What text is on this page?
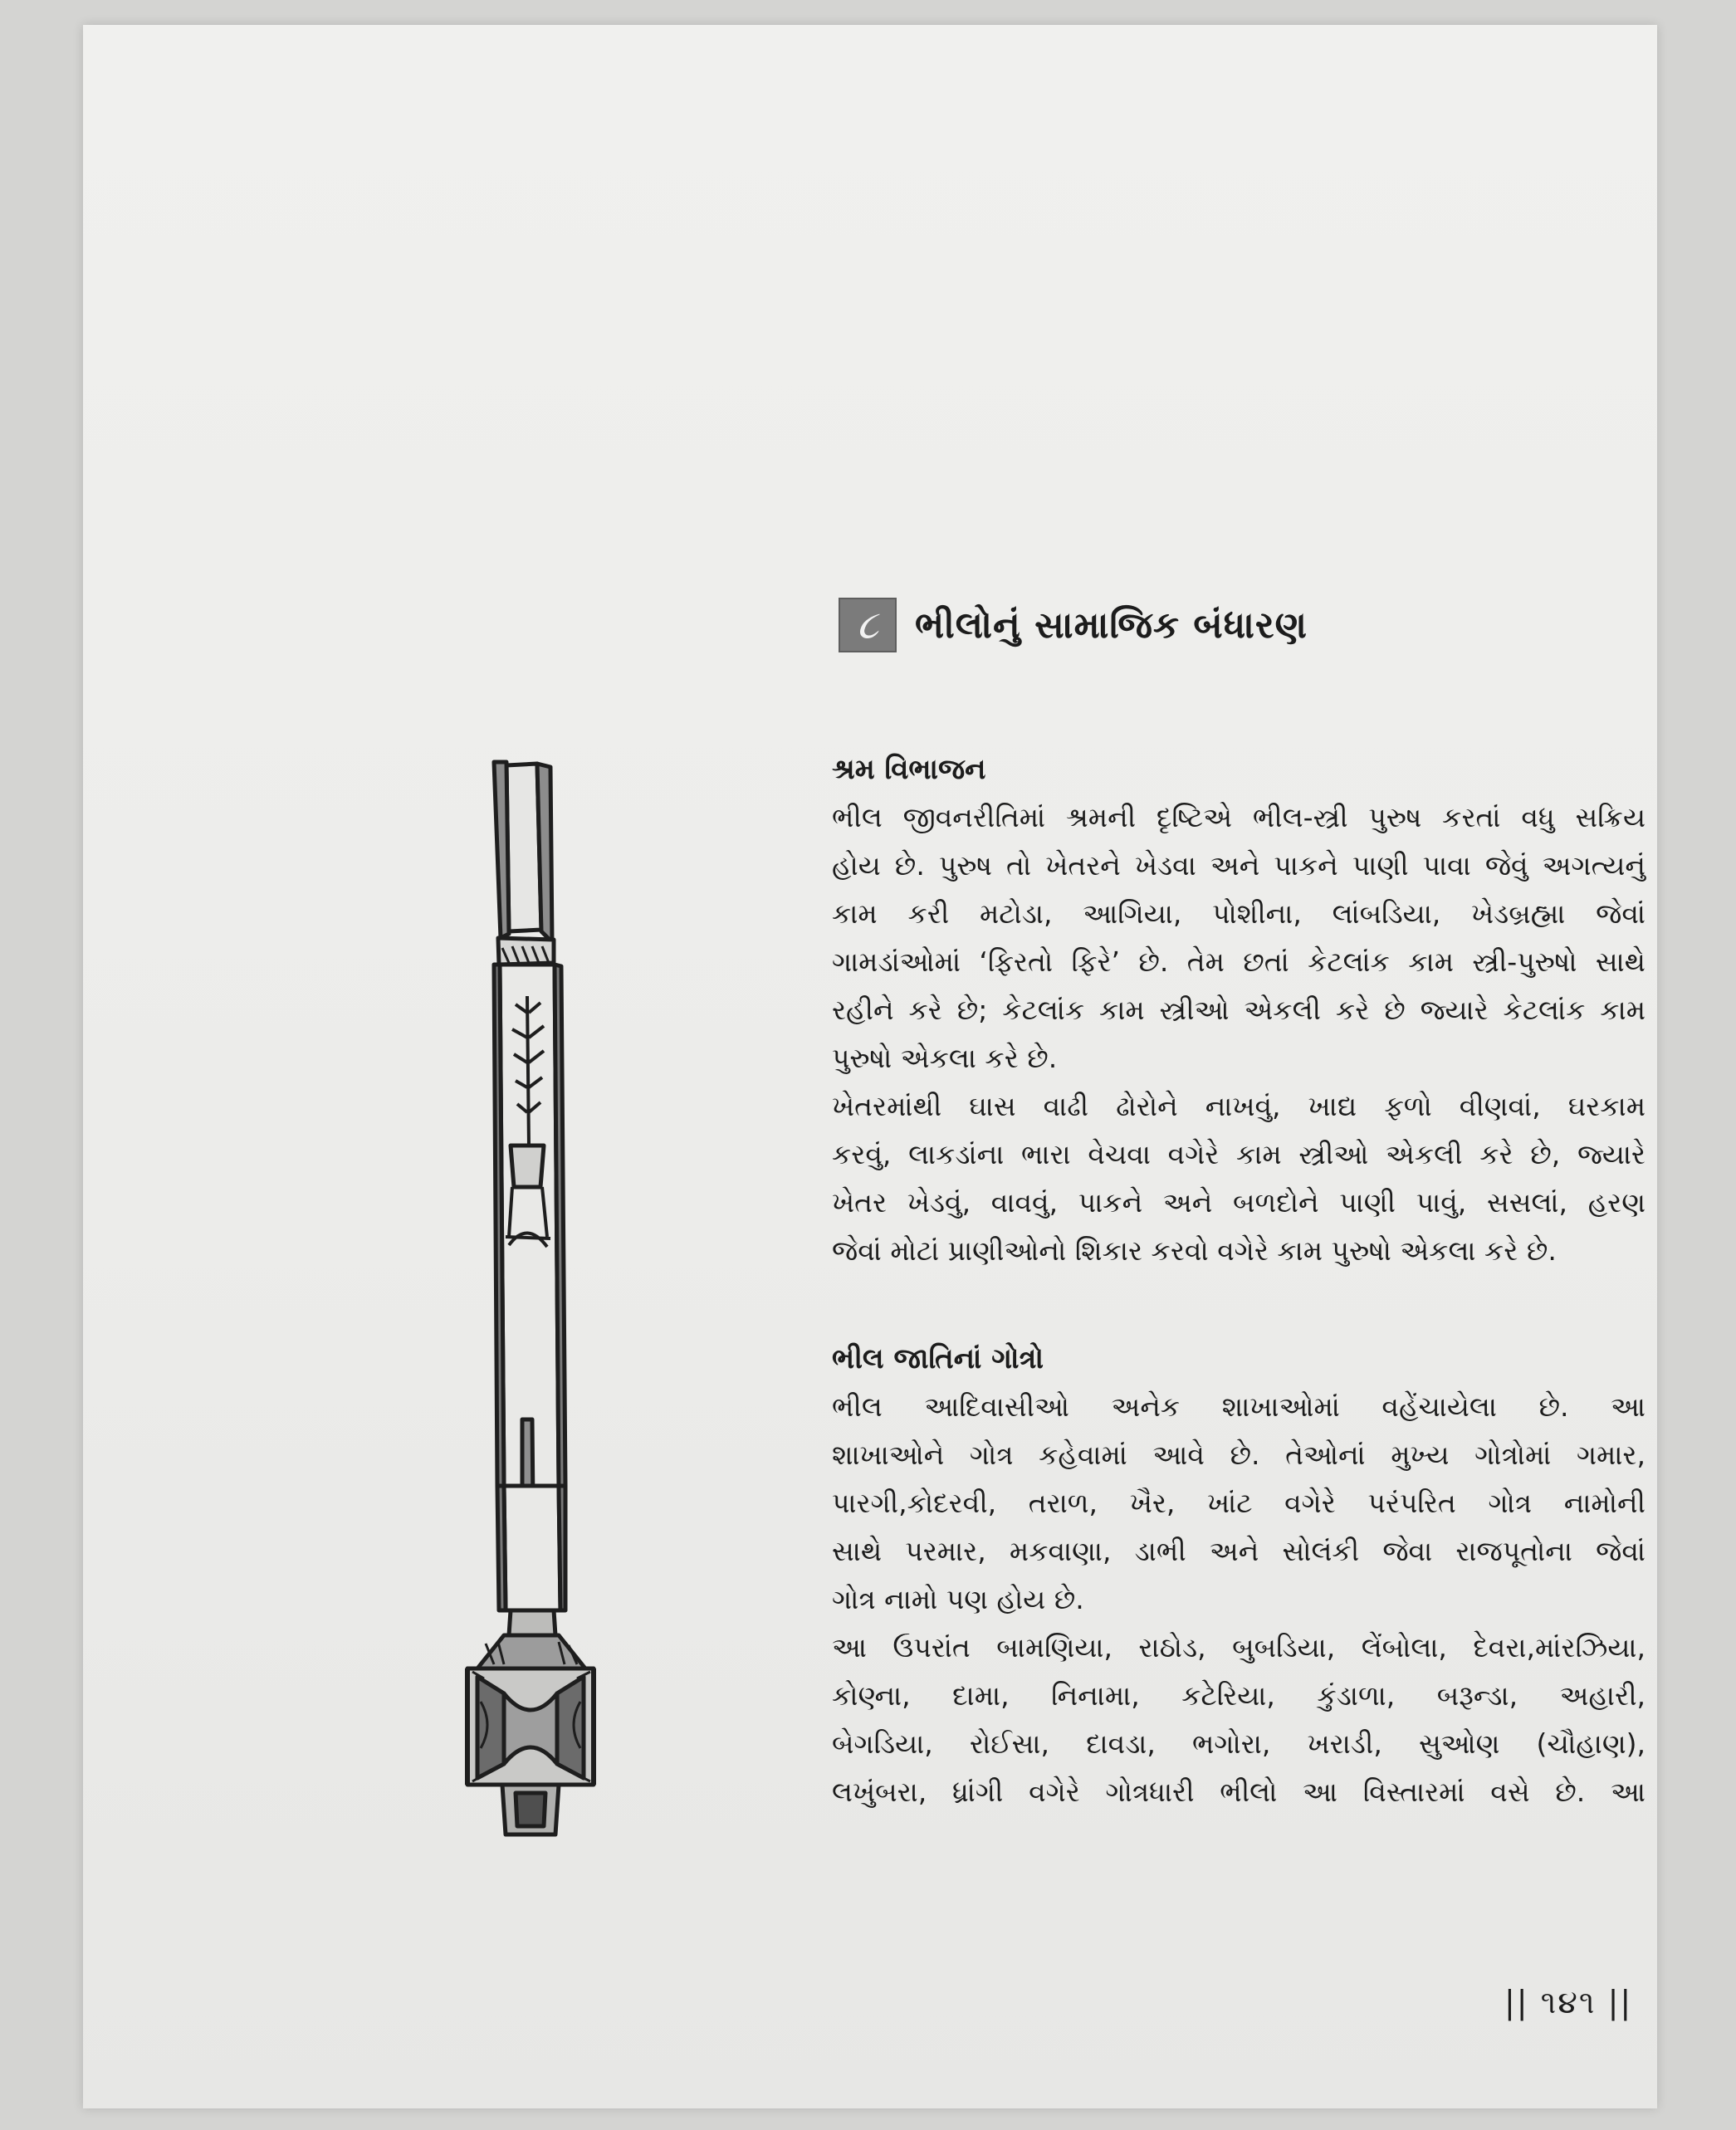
૮ ભીલોનું સામાજિક બંધારણ
શ્રમ વિભાજન
ભીલ જીવનરીતિમાં શ્રમની દૃષ્ટિએ ભીલ-સ્ત્રી પુરુષ કરતાં વધુ સક્રિય
હોય છે. પુરુષ તો ખેતરને ખેડવા અને પાકને પાણી પાવા જેવું અગત્યનું
કામ કરી મટોડા, આગિયા, પોશીના, લાંબડિયા, ખેડબ્રહ્મા જેવાં
ગામડાંઓમાં ‘ફિરતો ફિરે’ છે. તેમ છતાં કેટલાંક કામ સ્ત્રી-પુરુષો સાથે
રહીને કરે છે; કેટલાંક કામ સ્ત્રીઓ એકલી કરે છે જ્યારે કેટલાંક કામ
પુરુષો એકલા કરે છે.
ખેતરમાંથી ઘાસ વાઢી ઢોરોને નાખવું, ખાદ્ય ફળો વીણવાં, ઘરકામ
કરવું, લાકડાંના ભારા વેચવા વગેરે કામ સ્ત્રીઓ એકલી કરે છે, જ્યારે
ખેતર ખેડવું, વાવવું, પાકને અને બળદોને પાણી પાવું, સસલાં, હરણ
જેવાં મોટાં પ્રાણીઓનો શિકાર કરવો વગેરે કામ પુરુષો એકલા કરે છે.
ભીલ જાતિનાં ગોત્રો
ભીલ આદિવાસીઓ અનેક શાખાઓમાં વહેંચાયેલા છે. આ
શાખાઓને ગોત્ર કહેવામાં આવે છે. તેઓનાં મુખ્ય ગોત્રોમાં ગમાર,
પારગી,કોદરવી, તરાળ, ખૈર, ખાંટ વગેરે પરંપરિત ગોત્ર નામોની
સાથે પરમાર, મકવાણા, ડાભી અને સોલંકી જેવા રાજપૂતોના જેવાં
ગોત્ર નામો પણ હોય છે.
આ ઉપરાંત બામણિયા, રાઠોડ, બુબડિયા, લેંબોલા, દેવરા,માંરઝિયા,
કોણ્ના, દામા, નિનામા, કટેરિયા, કુંડાળા, બરૂન્ડા, અહારી,
બેગડિયા, રોઈસા, દાવડા, ભગોરા, ખરાડી, સુઓણ (ચૌહાણ),
લખુંબરા, ધ્રાંગી વગેરે ગોત્રધારી ભીલો આ વિસ્તારમાં વસે છે. આ
|| ૧૪૧ ||
